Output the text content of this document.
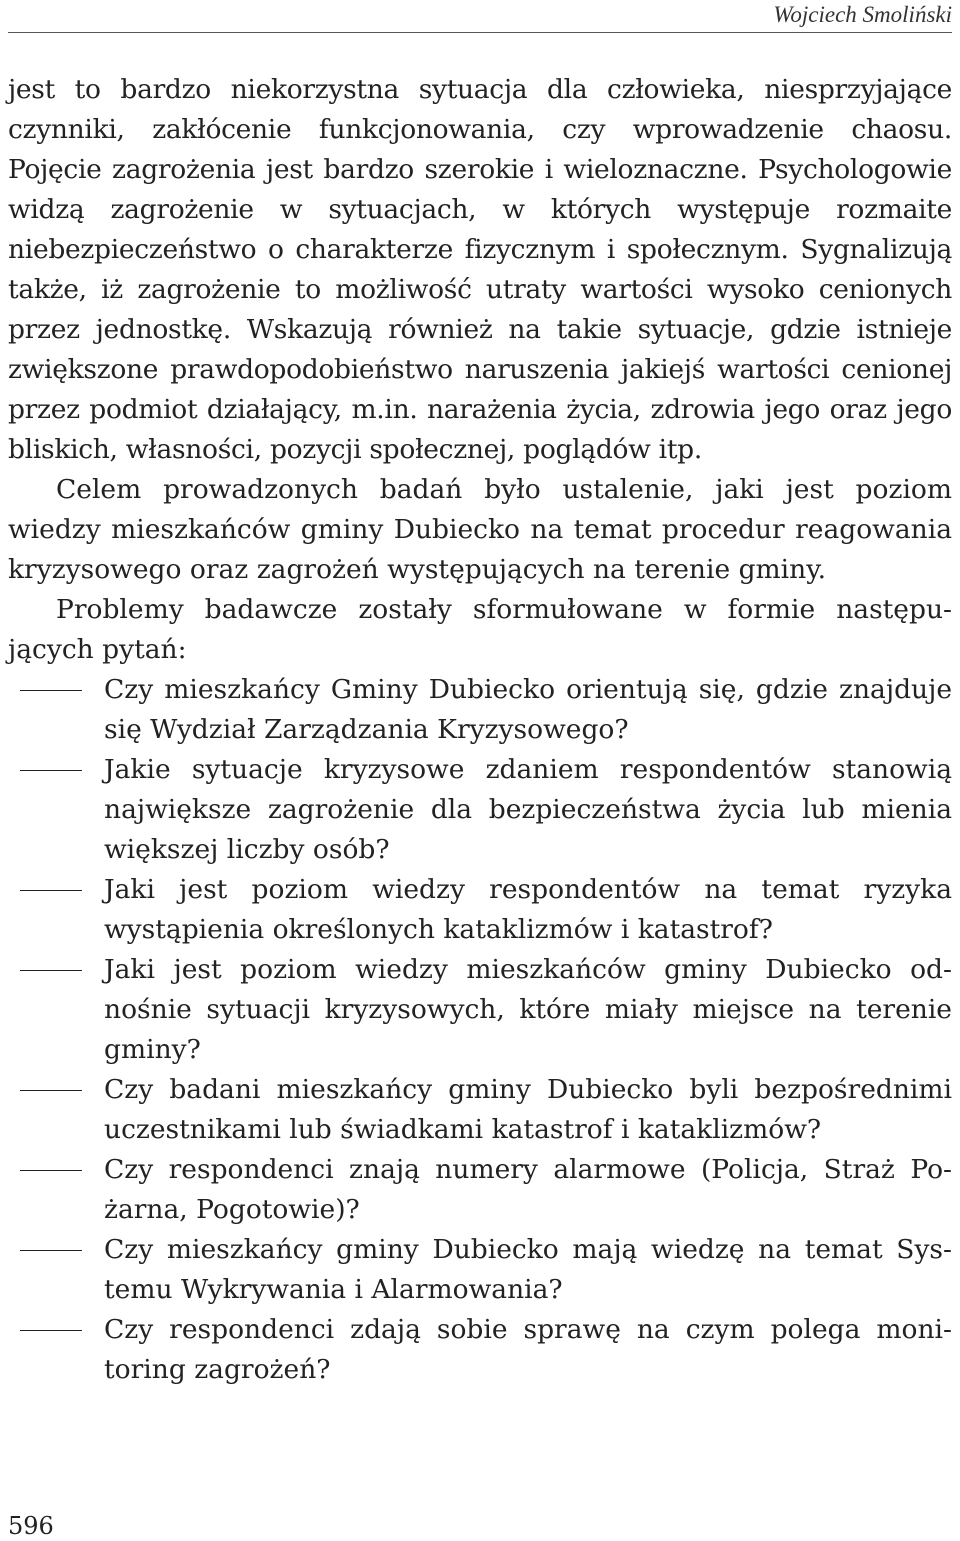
Wojciech Smoliński

jest to bardzo niekorzystna sytuacja dla człowieka, niesprzyjające czynniki, zakłócenie funkcjonowania, czy wprowadzenie chaosu. Pojęcie zagrożenia jest bardzo szerokie i wieloznaczne. Psychologowie widzą zagrożenie w sytuacjach, w których występuje rozmaite niebezpieczeństwo o charakterze fizycznym i społecznym. Sygnalizują także, iż zagrożenie to możliwość utraty wartości wysoko cenionych przez jednostkę. Wskazują również na takie sytuacje, gdzie istnieje zwiększone prawdopodobieństwo naruszenia jakiejś wartości cenionej przez podmiot działający, m.in. narażenia życia, zdrowia jego oraz jego bliskich, własności, pozycji społecznej, poglądów itp.

Celem prowadzonych badań było ustalenie, jaki jest poziom wiedzy mieszkańców gminy Dubiecko na temat procedur reagowania kryzysowego oraz zagrożeń występujących na terenie gminy.

Problemy badawcze zostały sformułowane w formie następujących pytań:

Czy mieszkańcy Gminy Dubiecko orientują się, gdzie znajduje się Wydział Zarządzania Kryzysowego?
Jakie sytuacje kryzysowe zdaniem respondentów stanowią największe zagrożenie dla bezpieczeństwa życia lub mienia większej liczby osób?
Jaki jest poziom wiedzy respondentów na temat ryzyka wystąpienia określonych kataklizmów i katastrof?
Jaki jest poziom wiedzy mieszkańców gminy Dubiecko odnośnie sytuacji kryzysowych, które miały miejsce na terenie gminy?
Czy badani mieszkańcy gminy Dubiecko byli bezpośrednimi uczestnikami lub świadkami katastrof i kataklizmów?
Czy respondenci znają numery alarmowe (Policja, Straż Pożarna, Pogotowie)?
Czy mieszkańcy gminy Dubiecko mają wiedzę na temat Systemu Wykrywania i Alarmowania?
Czy respondenci zdają sobie sprawę na czym polega monitoring zagrożeń?
596
